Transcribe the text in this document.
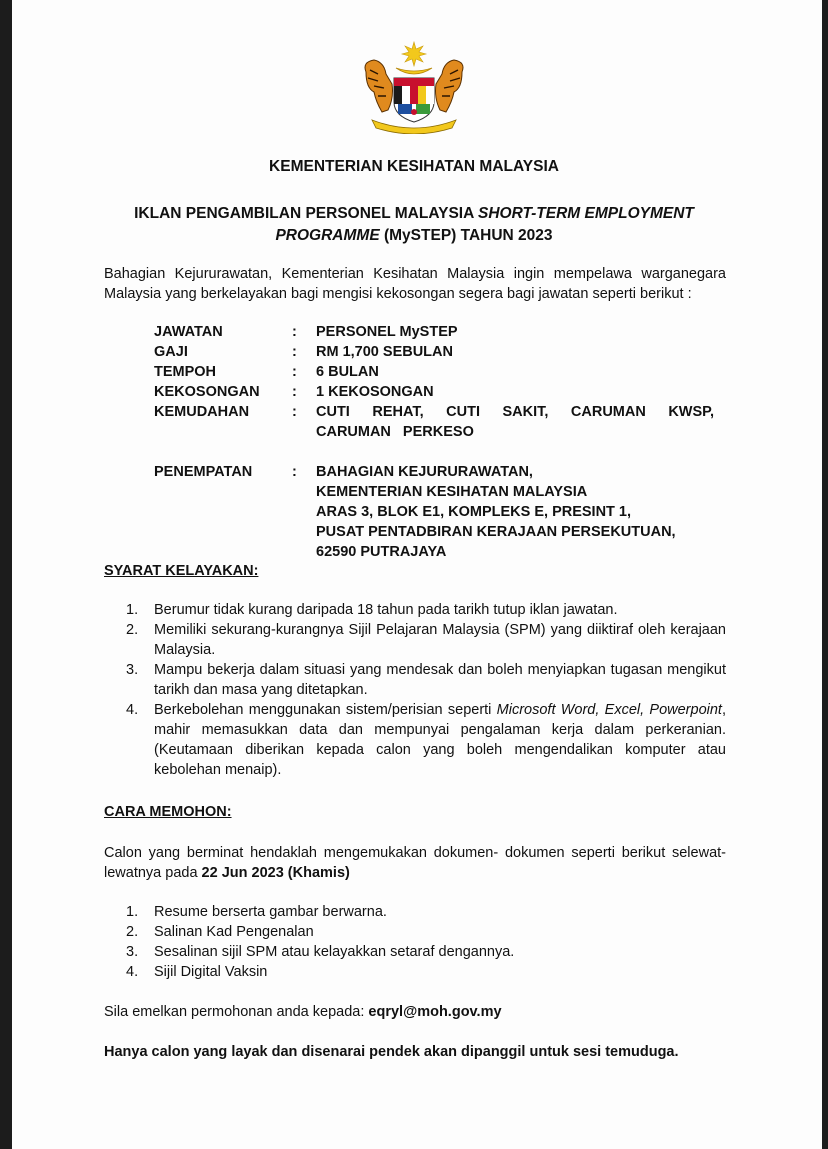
KEMENTERIAN KESIHATAN MALAYSIA
IKLAN PENGAMBILAN PERSONEL MALAYSIA SHORT-TERM EMPLOYMENT
PROGRAMME (MySTEP) TAHUN 2023
Bahagian Kejururawatan, Kementerian Kesihatan Malaysia ingin mempelawa warganegara Malaysia yang berkelayakan bagi mengisi kekosongan segera bagi jawatan seperti berikut :
JAWATAN	:	PERSONEL MySTEP
GAJI	:	RM 1,700 SEBULAN
TEMPOH	:	6 BULAN
KEKOSONGAN	:	1 KEKOSONGAN
KEMUDAHAN	:	CUTI REHAT, CUTI SAKIT, CARUMAN KWSP,
CARUMAN PERKESO

PENEMPATAN	:	BAHAGIAN KEJURURAWATAN,
KEMENTERIAN KESIHATAN MALAYSIA
ARAS 3, BLOK E1, KOMPLEKS E, PRESINT 1,
PUSAT PENTADBIRAN KERAJAAN PERSEKUTUAN,
62590 PUTRAJAYA
SYARAT KELAYAKAN:
1. Berumur tidak kurang daripada 18 tahun pada tarikh tutup iklan jawatan.
2. Memiliki sekurang-kurangnya Sijil Pelajaran Malaysia (SPM) yang diiktiraf oleh kerajaan Malaysia.
3. Mampu bekerja dalam situasi yang mendesak dan boleh menyiapkan tugasan mengikut tarikh dan masa yang ditetapkan.
4. Berkebolehan menggunakan sistem/perisian seperti Microsoft Word, Excel, Powerpoint, mahir memasukkan data dan mempunyai pengalaman kerja dalam perkeranian. (Keutamaan diberikan kepada calon yang boleh mengendalikan komputer atau kebolehan menaip).
CARA MEMOHON:
Calon yang berminat hendaklah mengemukakan dokumen- dokumen seperti berikut selewat-lewatnya pada 22 Jun 2023 (Khamis)
1. Resume berserta gambar berwarna.
2. Salinan Kad Pengenalan
3. Sesalinan sijil SPM atau kelayakkan setaraf dengannya.
4. Sijil Digital Vaksin
Sila emelkan permohonan anda kepada: eqryl@moh.gov.my
Hanya calon yang layak dan disenarai pendek akan dipanggil untuk sesi temuduga.
